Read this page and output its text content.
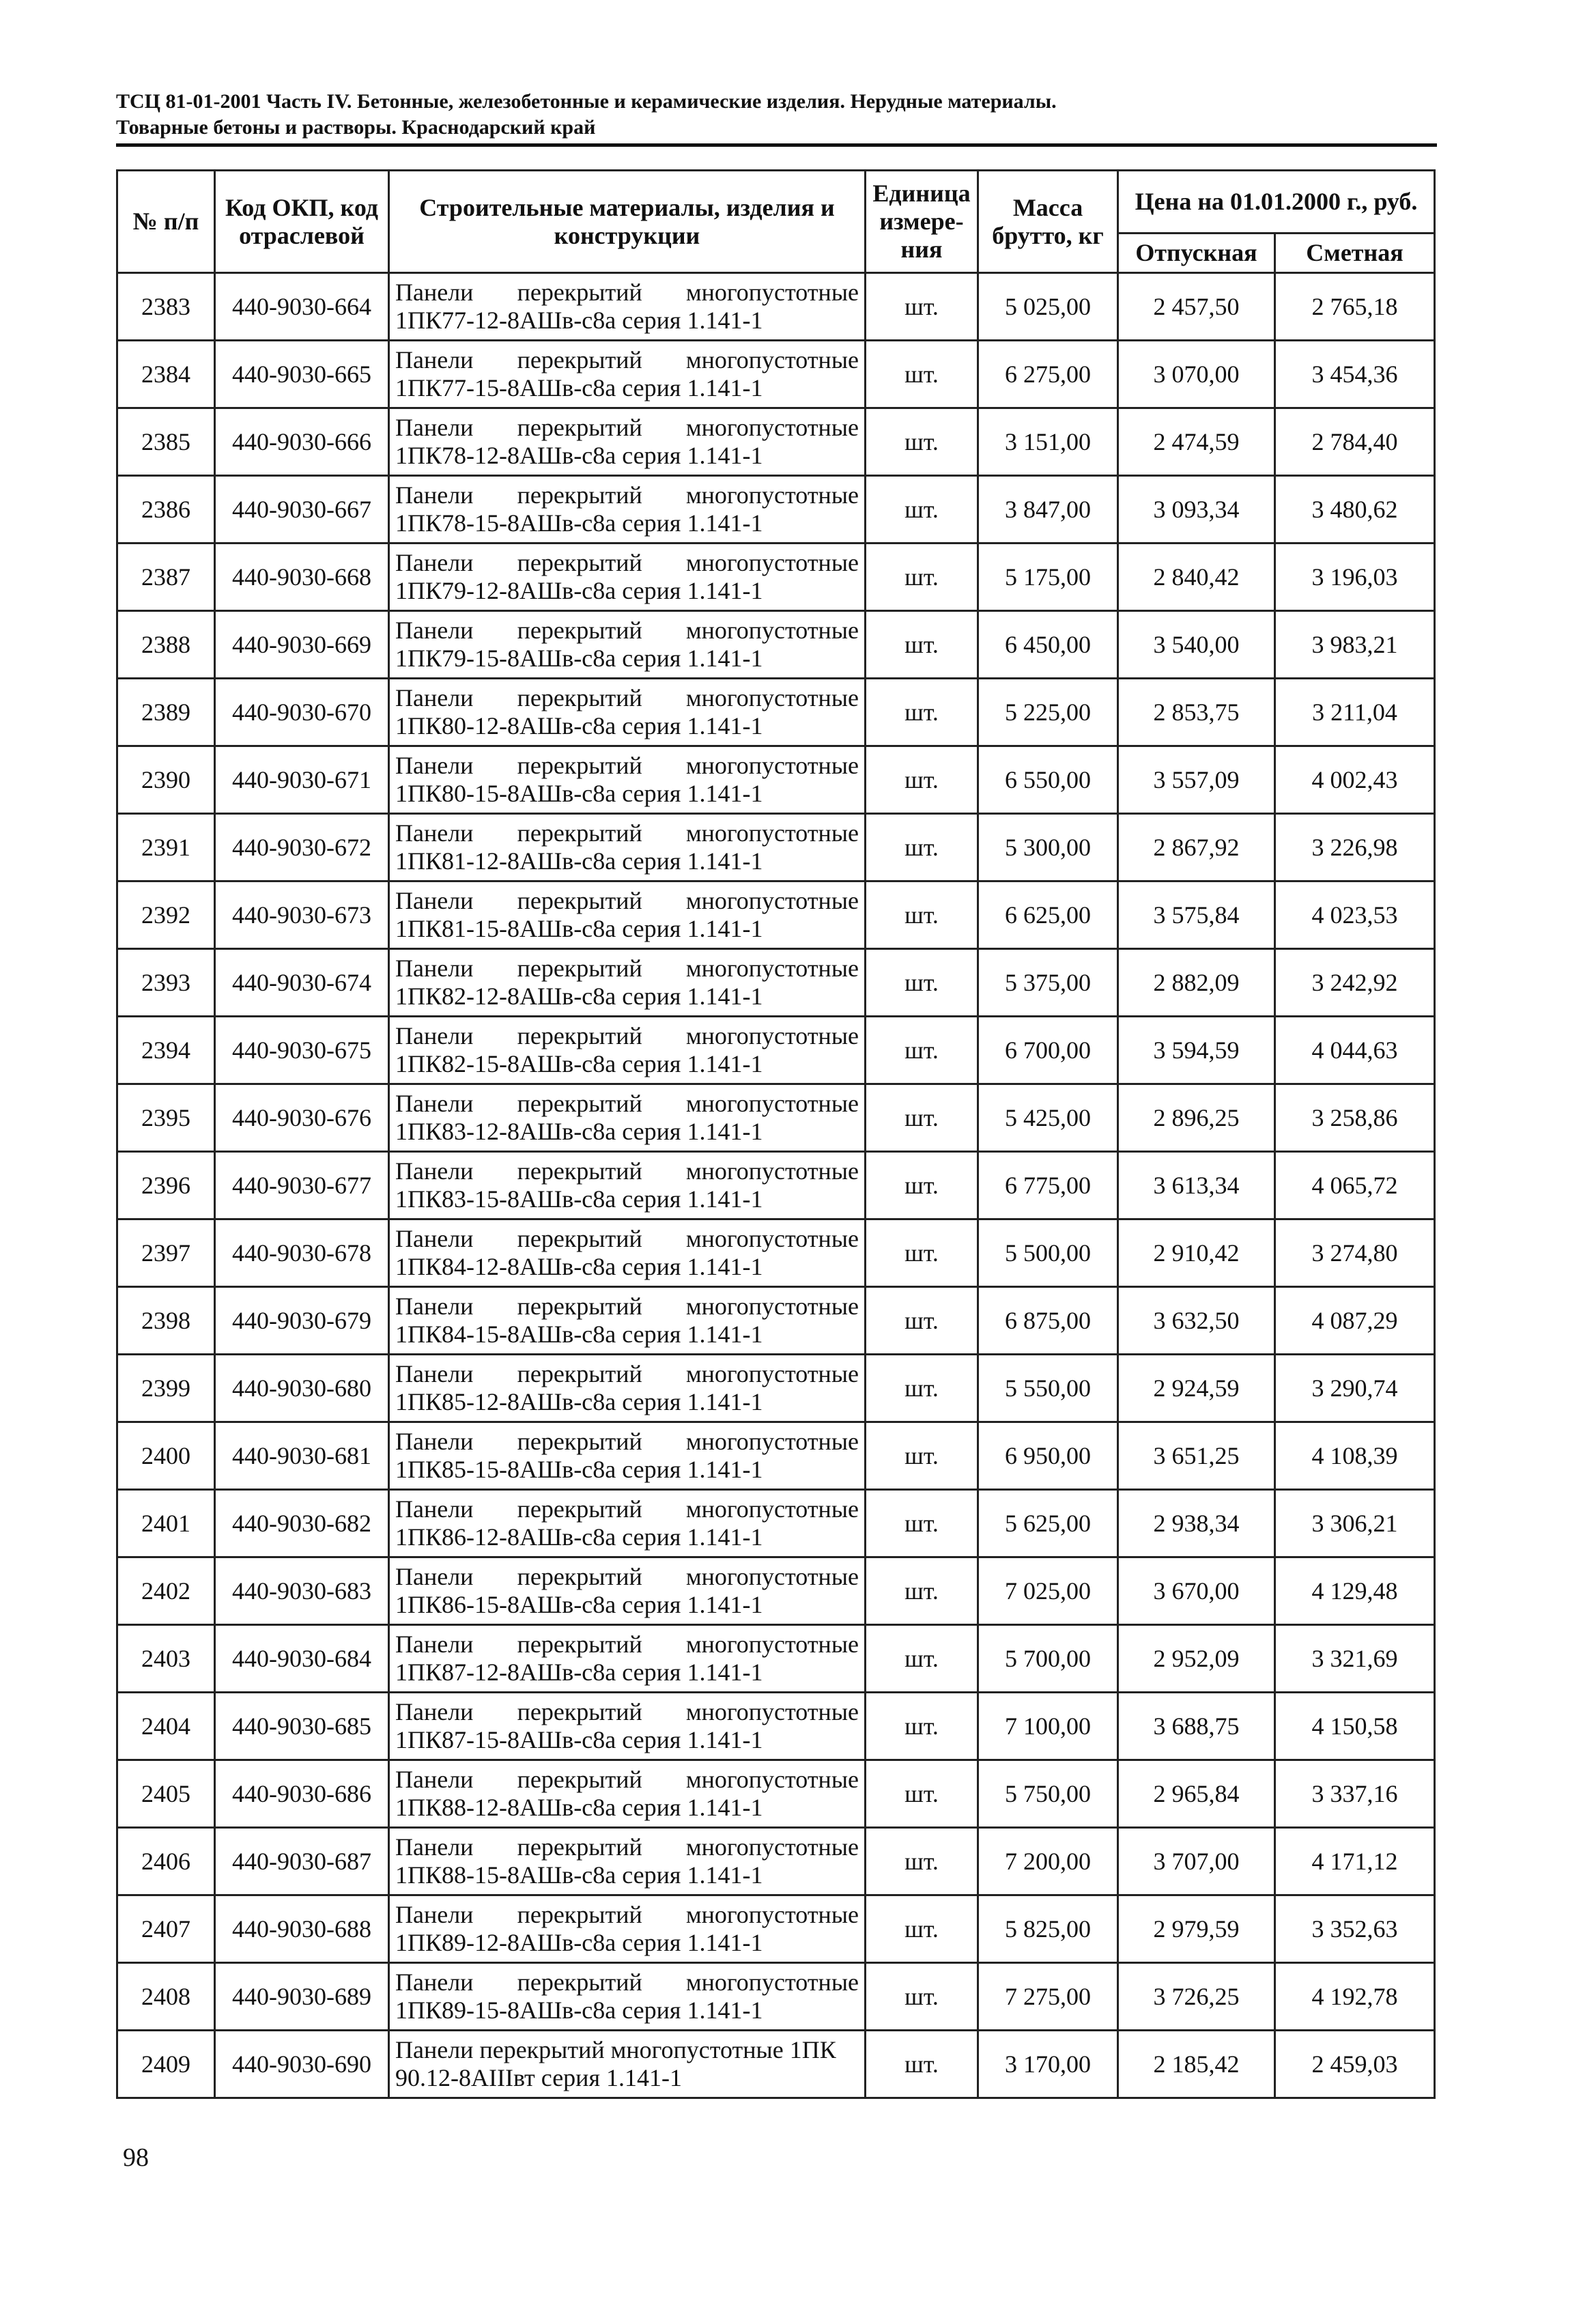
ТСЦ 81-01-2001 Часть IV. Бетонные, железобетонные и керамические изделия. Нерудные материалы.
Товарные бетоны и растворы. Краснодарский край
№ п/п	Код ОКП, код отраслевой	Строительные материалы, изделия и конструкции	Единица измере-ния	Масса брутто, кг	Цена на 01.01.2000 г., руб.	
					Отпускная	Сметная
2383	440-9030-664	Панели перекрытий многопустотные
1ПК77-12-8АШв-с8а серия 1.141-1	шт.	5 025,00	2 457,50	2 765,18
2384	440-9030-665	Панели перекрытий многопустотные
1ПК77-15-8АШв-с8а серия 1.141-1	шт.	6 275,00	3 070,00	3 454,36
2385	440-9030-666	Панели перекрытий многопустотные
1ПК78-12-8АШв-с8а серия 1.141-1	шт.	3 151,00	2 474,59	2 784,40
2386	440-9030-667	Панели перекрытий многопустотные
1ПК78-15-8АШв-с8а серия 1.141-1	шт.	3 847,00	3 093,34	3 480,62
2387	440-9030-668	Панели перекрытий многопустотные
1ПК79-12-8АШв-с8а серия 1.141-1	шт.	5 175,00	2 840,42	3 196,03
2388	440-9030-669	Панели перекрытий многопустотные
1ПК79-15-8АШв-с8а серия 1.141-1	шт.	6 450,00	3 540,00	3 983,21
2389	440-9030-670	Панели перекрытий многопустотные
1ПК80-12-8АШв-с8а серия 1.141-1	шт.	5 225,00	2 853,75	3 211,04
2390	440-9030-671	Панели перекрытий многопустотные
1ПК80-15-8АШв-с8а серия 1.141-1	шт.	6 550,00	3 557,09	4 002,43
2391	440-9030-672	Панели перекрытий многопустотные
1ПК81-12-8АШв-с8а серия 1.141-1	шт.	5 300,00	2 867,92	3 226,98
2392	440-9030-673	Панели перекрытий многопустотные
1ПК81-15-8АШв-с8а серия 1.141-1	шт.	6 625,00	3 575,84	4 023,53
2393	440-9030-674	Панели перекрытий многопустотные
1ПК82-12-8АШв-с8а серия 1.141-1	шт.	5 375,00	2 882,09	3 242,92
2394	440-9030-675	Панели перекрытий многопустотные
1ПК82-15-8АШв-с8а серия 1.141-1	шт.	6 700,00	3 594,59	4 044,63
2395	440-9030-676	Панели перекрытий многопустотные
1ПК83-12-8АШв-с8а серия 1.141-1	шт.	5 425,00	2 896,25	3 258,86
2396	440-9030-677	Панели перекрытий многопустотные
1ПК83-15-8АШв-с8а серия 1.141-1	шт.	6 775,00	3 613,34	4 065,72
2397	440-9030-678	Панели перекрытий многопустотные
1ПК84-12-8АШв-с8а серия 1.141-1	шт.	5 500,00	2 910,42	3 274,80
2398	440-9030-679	Панели перекрытий многопустотные
1ПК84-15-8АШв-с8а серия 1.141-1	шт.	6 875,00	3 632,50	4 087,29
2399	440-9030-680	Панели перекрытий многопустотные
1ПК85-12-8АШв-с8а серия 1.141-1	шт.	5 550,00	2 924,59	3 290,74
2400	440-9030-681	Панели перекрытий многопустотные
1ПК85-15-8АШв-с8а серия 1.141-1	шт.	6 950,00	3 651,25	4 108,39
2401	440-9030-682	Панели перекрытий многопустотные
1ПК86-12-8АШв-с8а серия 1.141-1	шт.	5 625,00	2 938,34	3 306,21
2402	440-9030-683	Панели перекрытий многопустотные
1ПК86-15-8АШв-с8а серия 1.141-1	шт.	7 025,00	3 670,00	4 129,48
2403	440-9030-684	Панели перекрытий многопустотные
1ПК87-12-8АШв-с8а серия 1.141-1	шт.	5 700,00	2 952,09	3 321,69
2404	440-9030-685	Панели перекрытий многопустотные
1ПК87-15-8АШв-с8а серия 1.141-1	шт.	7 100,00	3 688,75	4 150,58
2405	440-9030-686	Панели перекрытий многопустотные
1ПК88-12-8АШв-с8а серия 1.141-1	шт.	5 750,00	2 965,84	3 337,16
2406	440-9030-687	Панели перекрытий многопустотные
1ПК88-15-8АШв-с8а серия 1.141-1	шт.	7 200,00	3 707,00	4 171,12
2407	440-9030-688	Панели перекрытий многопустотные
1ПК89-12-8АШв-с8а серия 1.141-1	шт.	5 825,00	2 979,59	3 352,63
2408	440-9030-689	Панели перекрытий многопустотные
1ПК89-15-8АШв-с8а серия 1.141-1	шт.	7 275,00	3 726,25	4 192,78
2409	440-9030-690	Панели перекрытий многопустотные 1ПК
90.12-8АIIIвт серия 1.141-1	шт.	3 170,00	2 185,42	2 459,03
98
